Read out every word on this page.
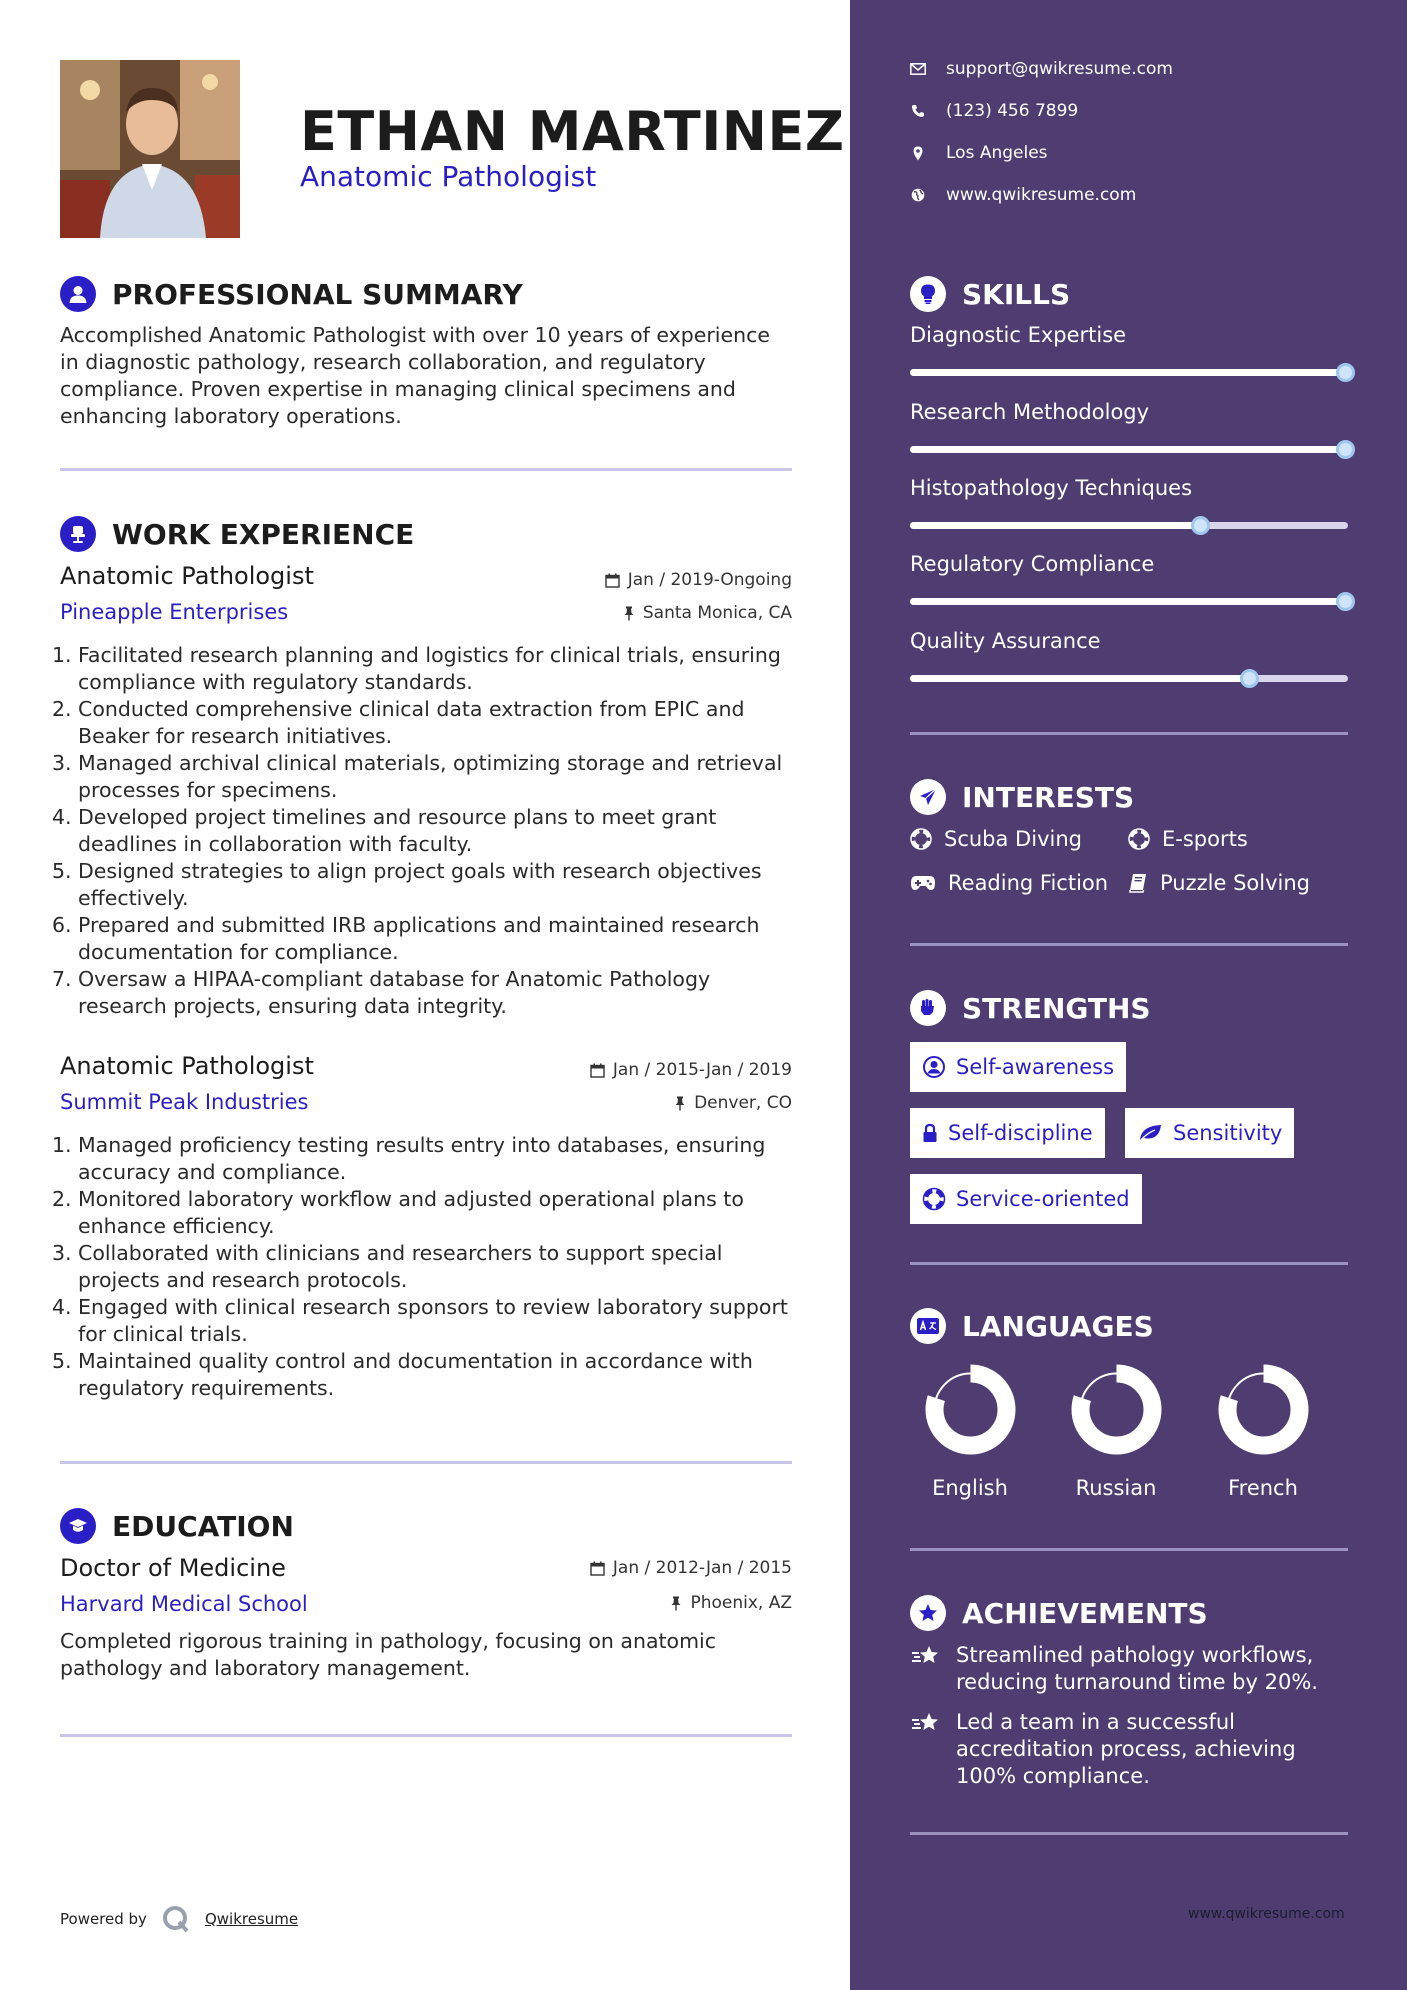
ETHAN MARTINEZ
Anatomic Pathologist
PROFESSIONAL SUMMARY
Accomplished Anatomic Pathologist with over 10 years of experience in diagnostic pathology, research collaboration, and regulatory compliance. Proven expertise in managing clinical specimens and enhancing laboratory operations.
WORK EXPERIENCE
Anatomic Pathologist	Jan / 2019-Ongoing
Pineapple Enterprises	Santa Monica, CA
Facilitated research planning and logistics for clinical trials, ensuring compliance with regulatory standards.
Conducted comprehensive clinical data extraction from EPIC and Beaker for research initiatives.
Managed archival clinical materials, optimizing storage and retrieval processes for specimens.
Developed project timelines and resource plans to meet grant deadlines in collaboration with faculty.
Designed strategies to align project goals with research objectives effectively.
Prepared and submitted IRB applications and maintained research documentation for compliance.
Oversaw a HIPAA-compliant database for Anatomic Pathology research projects, ensuring data integrity.
Anatomic Pathologist	Jan / 2015-Jan / 2019
Summit Peak Industries	Denver, CO
Managed proficiency testing results entry into databases, ensuring accuracy and compliance.
Monitored laboratory workflow and adjusted operational plans to enhance efficiency.
Collaborated with clinicians and researchers to support special projects and research protocols.
Engaged with clinical research sponsors to review laboratory support for clinical trials.
Maintained quality control and documentation in accordance with regulatory requirements.
EDUCATION
Doctor of Medicine	Jan / 2012-Jan / 2015
Harvard Medical School	Phoenix, AZ
Completed rigorous training in pathology, focusing on anatomic pathology and laboratory management.
Powered by	Qwikresume
support@qwikresume.com
(123) 456 7899
Los Angeles
www.qwikresume.com
SKILLS
Diagnostic Expertise
Research Methodology
Histopathology Techniques
Regulatory Compliance
Quality Assurance
INTERESTS
Scuba Diving	E-sports
Reading Fiction Puzzle Solving
STRENGTHS
Self-awareness
Self-discipline	Sensitivity
Service-oriented
LANGUAGES
English	Russian	French
ACHIEVEMENTS
Streamlined pathology workflows, reducing turnaround time by 20%.
Led a team in a successful accreditation process, achieving 100% compliance.
www.qwikresume.com
